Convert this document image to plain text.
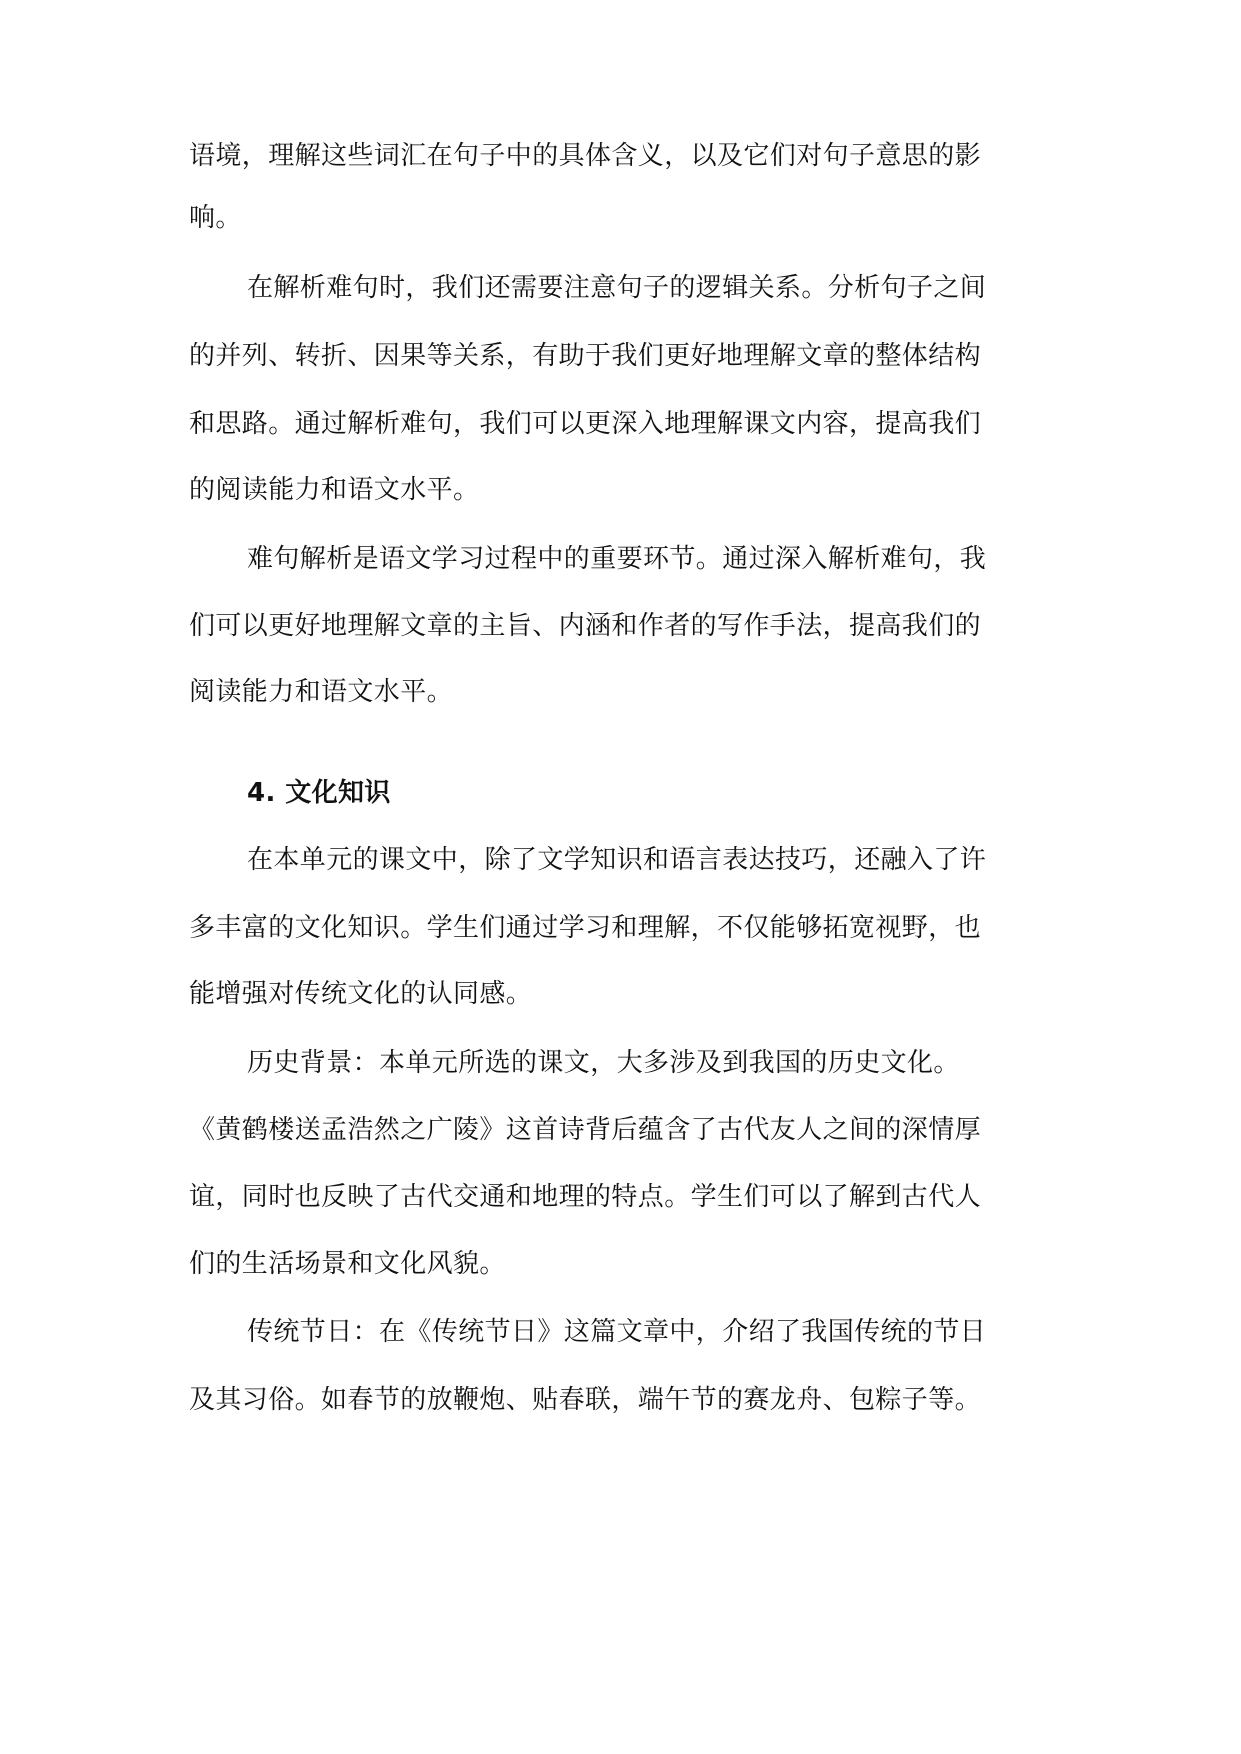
语境，理解这些词汇在句子中的具体含义，以及它们对句子意思的影
响。
在解析难句时，我们还需要注意句子的逻辑关系。分析句子之间
的并列、转折、因果等关系，有助于我们更好地理解文章的整体结构
和思路。通过解析难句，我们可以更深入地理解课文内容，提高我们
的阅读能力和语文水平。
难句解析是语文学习过程中的重要环节。通过深入解析难句，我
们可以更好地理解文章的主旨、内涵和作者的写作手法，提高我们的
阅读能力和语文水平。
4. 文化知识
在本单元的课文中，除了文学知识和语言表达技巧，还融入了许
多丰富的文化知识。学生们通过学习和理解，不仅能够拓宽视野，也
能增强对传统文化的认同感。
历史背景：本单元所选的课文，大多涉及到我国的历史文化。
《黄鹤楼送孟浩然之广陵》这首诗背后蕴含了古代友人之间的深情厚
谊，同时也反映了古代交通和地理的特点。学生们可以了解到古代人
们的生活场景和文化风貌。
传统节日：在《传统节日》这篇文章中，介绍了我国传统的节日
及其习俗。如春节的放鞭炮、贴春联，端午节的赛龙舟、包粽子等。
